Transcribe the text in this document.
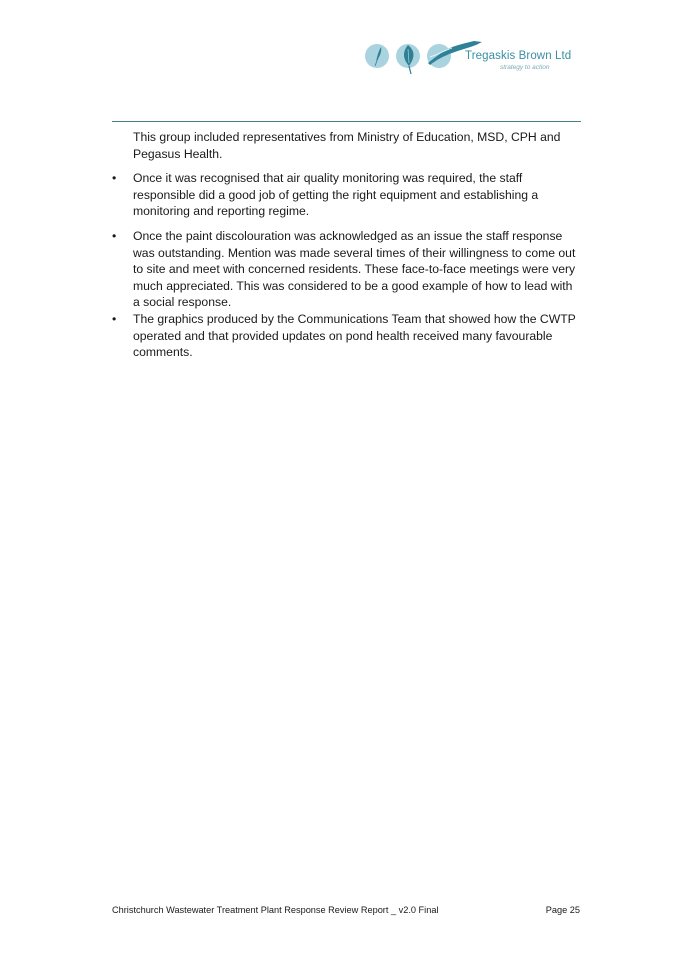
Tregaskis Brown Ltd
strategy to action

This group included representatives from Ministry of Education, MSD, CPH and Pegasus Health.

•	Once it was recognised that air quality monitoring was required, the staff responsible did a good job of getting the right equipment and establishing a monitoring and reporting regime.
•	Once the paint discolouration was acknowledged as an issue the staff response was outstanding. Mention was made several times of their willingness to come out to site and meet with concerned residents. These face-to-face meetings were very much appreciated. This was considered to be a good example of how to lead with a social response.
•	The graphics produced by the Communications Team that showed how the CWTP operated and that provided updates on pond health received many favourable comments.
Christchurch Wastewater Treatment Plant Response Review Report _ v2.0 Final	Page 25
